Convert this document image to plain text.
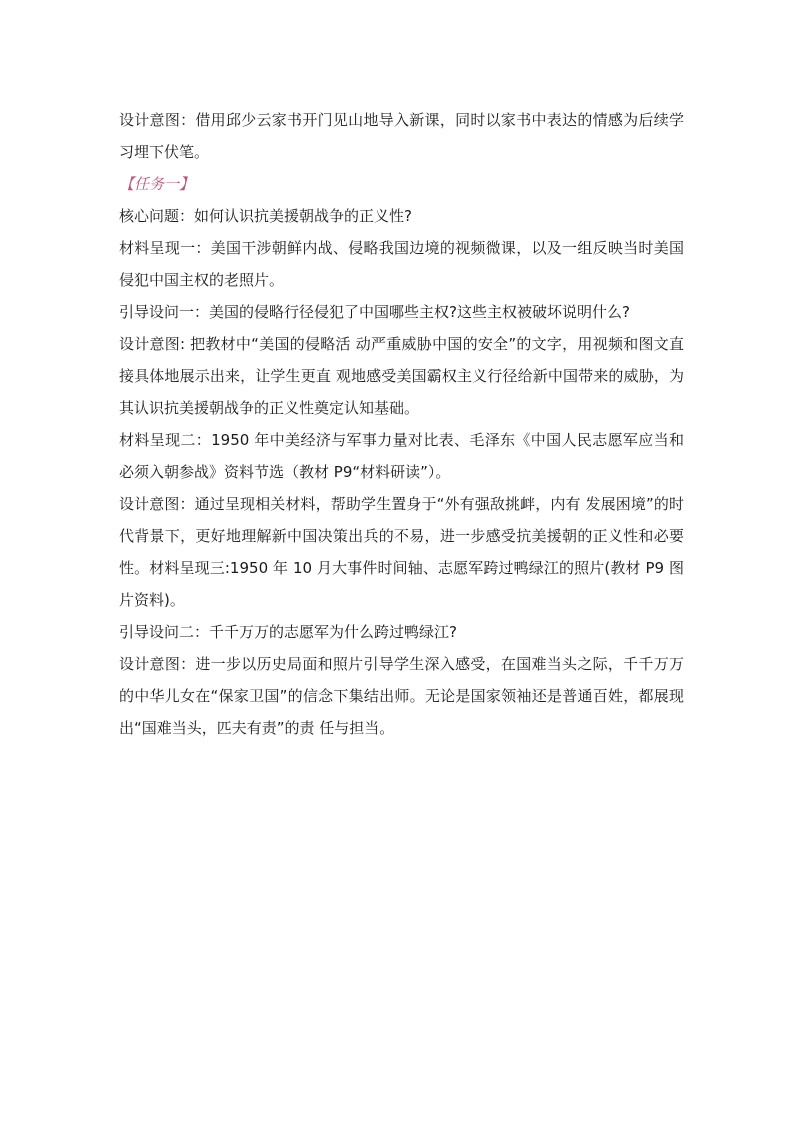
设计意图：借用邱少云家书开门见山地导入新课，同时以家书中表达的情感为后续学习埋下伏笔。

【任务一】

核心问题：如何认识抗美援朝战争的正义性?

材料呈现一：美国干涉朝鲜内战、侵略我国边境的视频微课，以及一组反映当时美国侵犯中国主权的老照片。

引导设问一：美国的侵略行径侵犯了中国哪些主权?这些主权被破坏说明什么?

设计意图: 把教材中“美国的侵略活 动严重威胁中国的安全”的文字，用视频和图文直接具体地展示出来，让学生更直 观地感受美国霸权主义行径给新中国带来的威胁，为其认识抗美援朝战争的正义性奠定认知基础。

材料呈现二：1950 年中美经济与军事力量对比表、毛泽东《中国人民志愿军应当和必须入朝参战》资料节选（教材 P9“材料研读”）。

设计意图：通过呈现相关材料，帮助学生置身于“外有强敌挑衅，内有 发展困境”的时代背景下，更好地理解新中国决策出兵的不易，进一步感受抗美援朝的正义性和必要性。材料呈现三:1950 年 10 月大事件时间轴、志愿军跨过鸭绿江的照片(教材 P9 图片资料)。

引导设问二：千千万万的志愿军为什么跨过鸭绿江?

设计意图：进一步以历史局面和照片引导学生深入感受，在国难当头之际，千千万万的中华儿女在“保家卫国”的信念下集结出师。无论是国家领袖还是普通百姓，都展现出“国难当头，匹夫有责”的责 任与担当。
